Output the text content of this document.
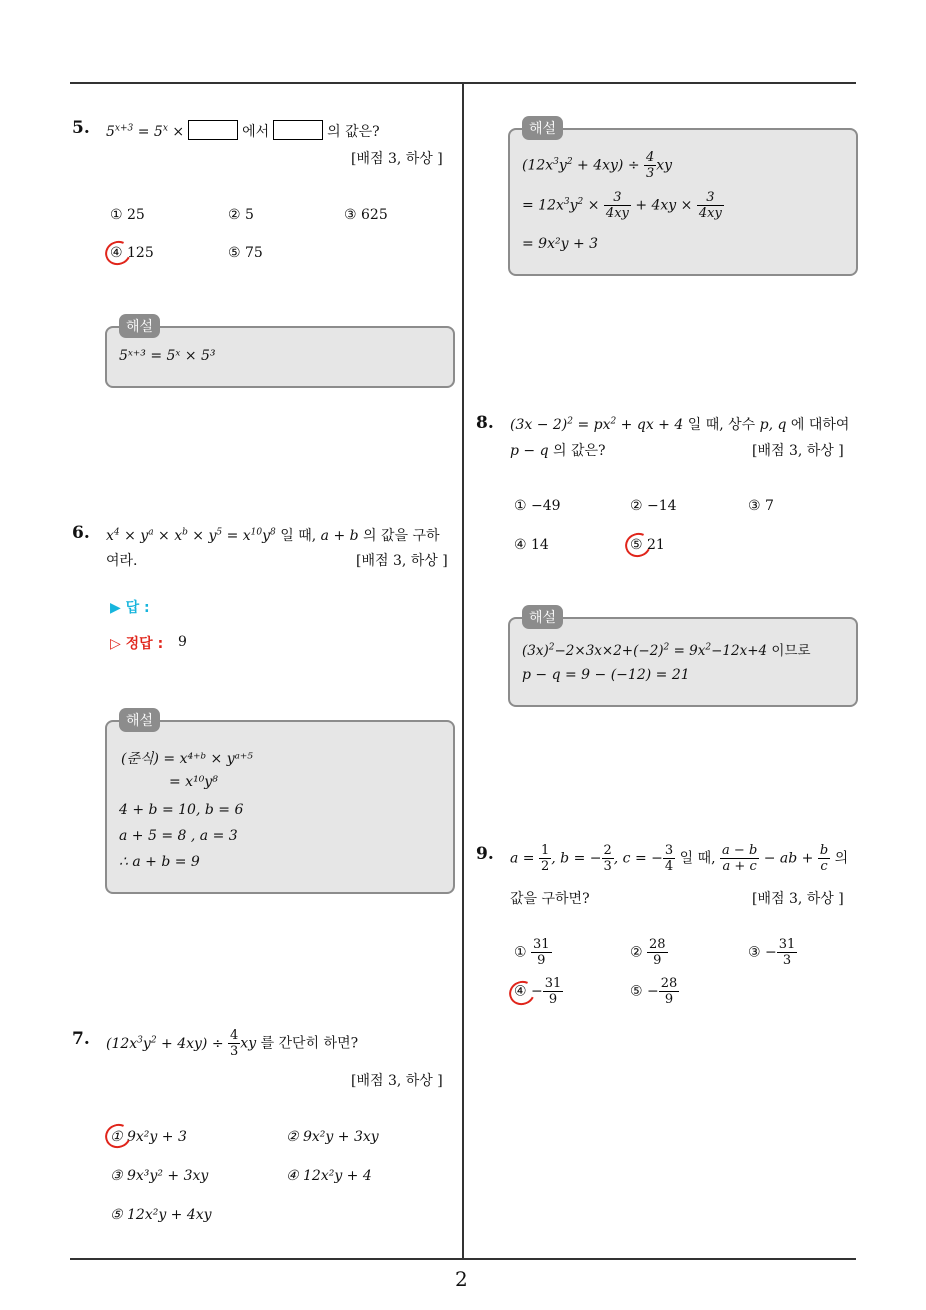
5. $5^{x+3} = 5^x$ ×	에서	의 값은?
[배점 3, 하상 ]
① 25	② 5	③ 625
④ 125	⑤ 75
해설
5ˣ⁺³ = 5ˣ × 5³
6. $x^4 \times y^a \times x^b \times y^5 = x^{10}y^8$ 일 때, a + b 의 값을 구하
여라.	[배점 3, 하상 ]
▶ 답 :
▷ 정답 : 9
해설
(준식) = x⁴⁺ᵇ × yᵃ⁺⁵
= x¹⁰y⁸
4 + b = 10, b = 6
a + 5 = 8 , a = 3
∴ a + b = 9
7. $(12x^3y^2 + 4xy) \div \frac{4}{3}$ xy 를 간단히 하면?
[배점 3, 하상 ]
① 9x²y + 3	② 9x²y + 3xy
③ 9x³y² + 3xy	④ 12x²y + 4
⑤ 12x²y + 4xy
해설
$(12x^3y^2 + 4xy) \div \frac{4}{3}$ xy
= $12x^3y^2 \times \frac{3}{4xy} + 4xy \times \frac{3}{4xy}$
= 9x²y + 3
8. $(3x - 2)^2 = px^2$ + qx + 4 일 때, 상수 p, q 에 대하여
p − q 의 값은?	[배점 3, 하상 ]
① −49	② −14	③ 7
④ 14	⑤ 21
해설
$(3x)^2-2\times 3x\times 2+(-2)^2 = 9x^2-12x+4$ 이므로
p − q = 9 − (−12) = 21
9. $a = \frac{1}{2}$ , b = − $\frac{2}{3}$ , c = − $\frac{3}{4}$ 일 때, $\frac{a - b}{a + c}$ − ab + $\frac{b}{c}$ 의
값을 구하면?	[배점 3, 하상 ]
① $\frac{31}{9}$	② $\frac{28}{9}$	③ − $\frac{31}{3}$
④ − $\frac{31}{9}$	⑤ − $\frac{28}{9}$
2
